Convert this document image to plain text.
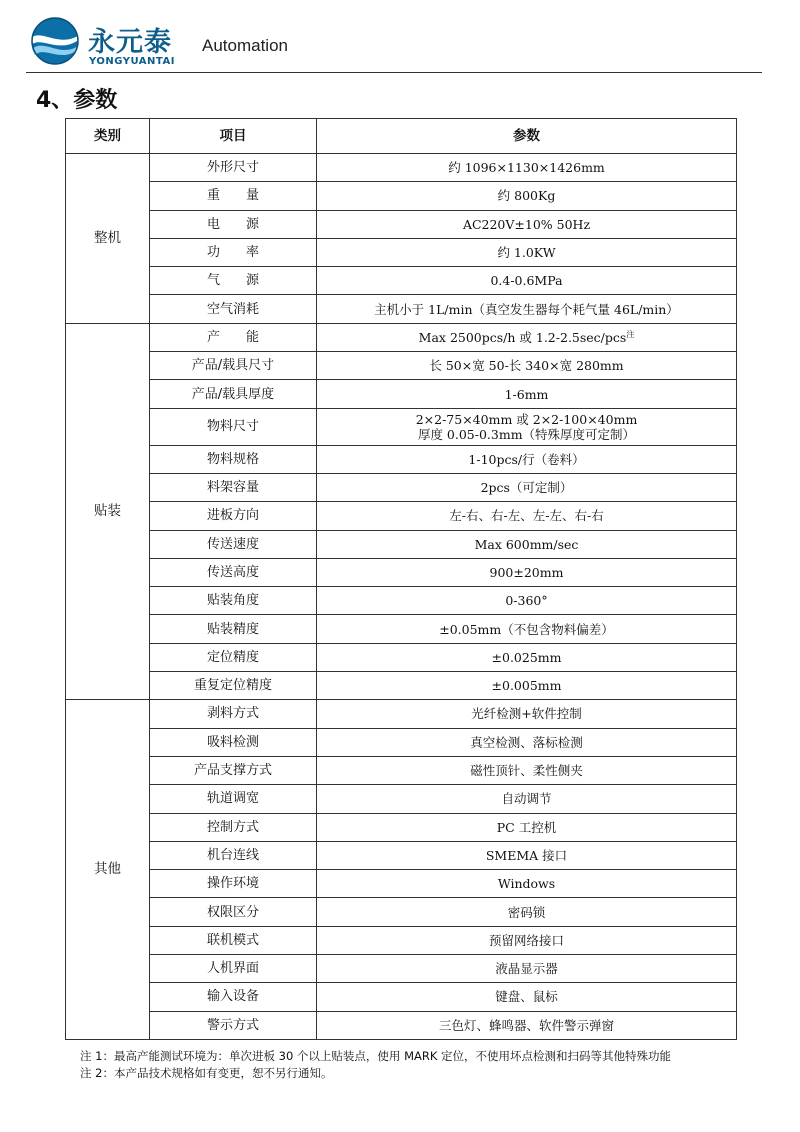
永元泰
YONGYUANTAI
Automation
4、参数
类别	项目	参数
整机	外形尺寸	约 1096×1130×1426mm
	重　　量	约 800Kg
	电　　源	AC220V±10% 50Hz
	功　　率	约 1.0KW
	气　　源	0.4-0.6MPa
	空气消耗	主机小于 1L/min（真空发生器每个耗气量 46L/min）
贴装	产　　能	Max 2500pcs/h 或 1.2-2.5sec/pcs$^注$
	产品/载具尺寸	长 50×宽 50-长 340×宽 280mm
	产品/载具厚度	1-6mm
	物料尺寸	2×2-75×40mm 或 2×2-100×40mm
厚度 0.05-0.3mm（特殊厚度可定制）

	物料规格	1-10pcs/行（卷料）
	料架容量	2pcs（可定制）
	进板方向	左-右、右-左、左-左、右-右
	传送速度	Max 600mm/sec
	传送高度	900±20mm
	贴装角度	0-360°
	贴装精度	±0.05mm（不包含物料偏差）
	定位精度	±0.025mm
	重复定位精度	±0.005mm
其他	剥料方式	光纤检测+软件控制
	吸料检测	真空检测、落标检测
	产品支撑方式	磁性顶针、柔性侧夹
	轨道调宽	自动调节
	控制方式	PC 工控机
	机台连线	SMEMA 接口
	操作环境	Windows
	权限区分	密码锁
	联机模式	预留网络接口
	人机界面	液晶显示器
	输入设备	键盘、鼠标
	警示方式	三色灯、蜂鸣器、软件警示弹窗
注 1：最高产能测试环境为：单次进板 30 个以上贴装点，使用 MARK 定位，不使用坏点检测和扫码等其他特殊功能
注 2：本产品技术规格如有变更，恕不另行通知。
